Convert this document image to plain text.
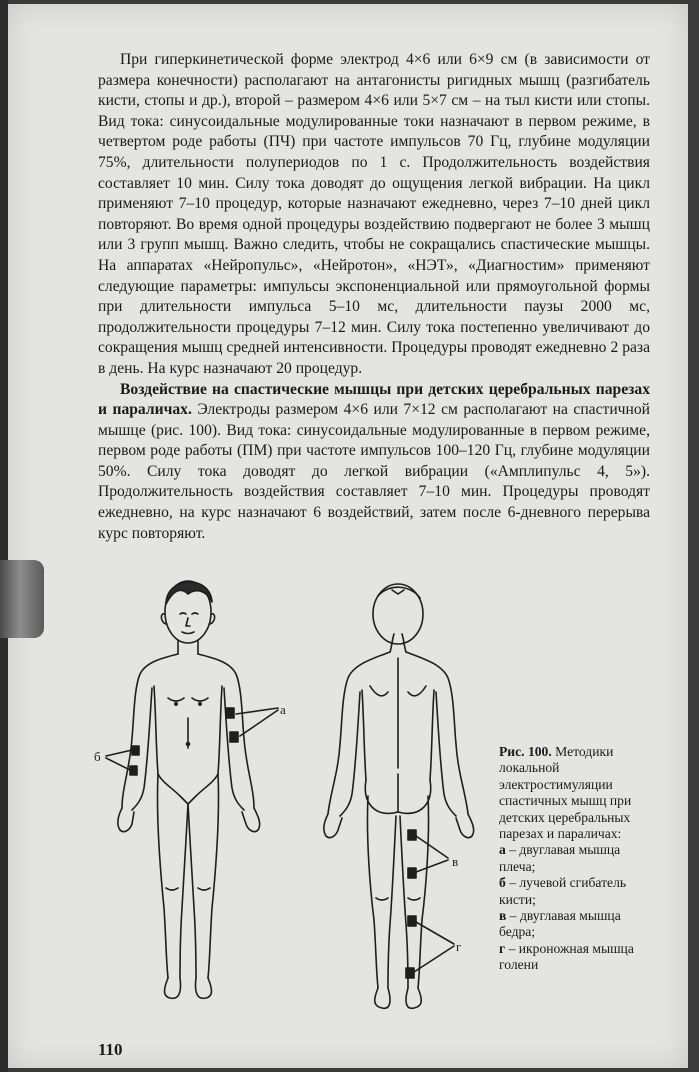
При гиперкинетической форме электрод 4×6 или 6×9 см (в зависимости от размера конечности) располагают на антагонисты ригидных мышц (разгибатель кисти, стопы и др.), второй – размером 4×6 или 5×7 см – на тыл кисти или стопы. Вид тока: синусоидальные модулированные токи назначают в первом режиме, в четвертом роде работы (ПЧ) при частоте импульсов 70 Гц, глубине модуляции 75%, длительности полупериодов по 1 с. Продолжительность воздействия составляет 10 мин. Силу тока доводят до ощущения легкой вибрации. На цикл применяют 7–10 процедур, которые назначают ежедневно, через 7–10 дней цикл повторяют. Во время одной процедуры воздействию подвергают не более 3 мышц или 3 групп мышц. Важно следить, чтобы не сокращались спастические мышцы. На аппаратах «Нейропульс», «Нейротон», «НЭТ», «Диагностим» применяют следующие параметры: импульсы экспоненциальной или прямоугольной формы при длительности импульса 5–10 мс, длительности паузы 2000 мс, продолжительности процедуры 7–12 мин. Силу тока постепенно увеличивают до сокращения мышц средней интенсивности. Процедуры проводят ежедневно 2 раза в день. На курс назначают 20 процедур.

Воздействие на спастические мышцы при детских церебральных парезах и параличах. Электроды размером 4×6 или 7×12 см располагают на спастичной мышце (рис. 100). Вид тока: синусоидальные модулированные в первом режиме, первом роде работы (ПМ) при частоте импульсов 100–120 Гц, глубине модуляции 50%. Силу тока доводят до легкой вибрации («Амплипульс 4, 5»). Продолжительность воздействия составляет 7–10 мин. Процедуры проводят ежедневно, на курс назначают 6 воздействий, затем после 6-дневного перерыва курс повторяют.

а
б
в
г
Рис. 100. Методики локальной электростимуляции спастичных мышц при детских церебральных парезах и параличах:
а – двуглавая мышца плеча;
б – лучевой сгибатель кисти;
в – двуглавая мышца бедра;
г – икроножная мышца голени
110
